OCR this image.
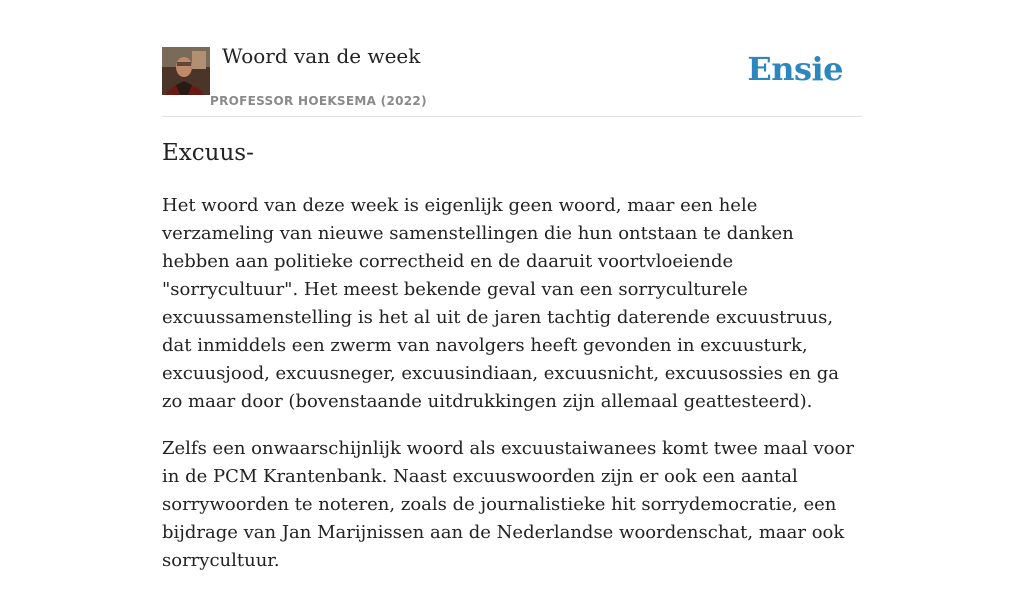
Woord van de week
PROFESSOR HOEKSEMA (2022)
Ensie
Excuus-

Het woord van deze week is eigenlijk geen woord, maar een hele verzameling van nieuwe samenstellingen die hun ontstaan te danken hebben aan politieke correctheid en de daaruit voortvloeiende "sorrycultuur". Het meest bekende geval van een sorryculturele excuussamenstelling is het al uit de jaren tachtig daterende excuustruus, dat inmiddels een zwerm van navolgers heeft gevonden in excuusturk, excuusjood, excuusneger, excuusindiaan, excuusnicht, excuusossies en ga zo maar door (bovenstaande uitdrukkingen zijn allemaal geattesteerd).

Zelfs een onwaarschijnlijk woord als excuustaiwanees komt twee maal voor in de PCM Krantenbank. Naast excuuswoorden zijn er ook een aantal sorrywoorden te noteren, zoals de journalistieke hit sorrydemocratie, een bijdrage van Jan Marijnissen aan de Nederlandse woordenschat, maar ook sorrycultuur.
